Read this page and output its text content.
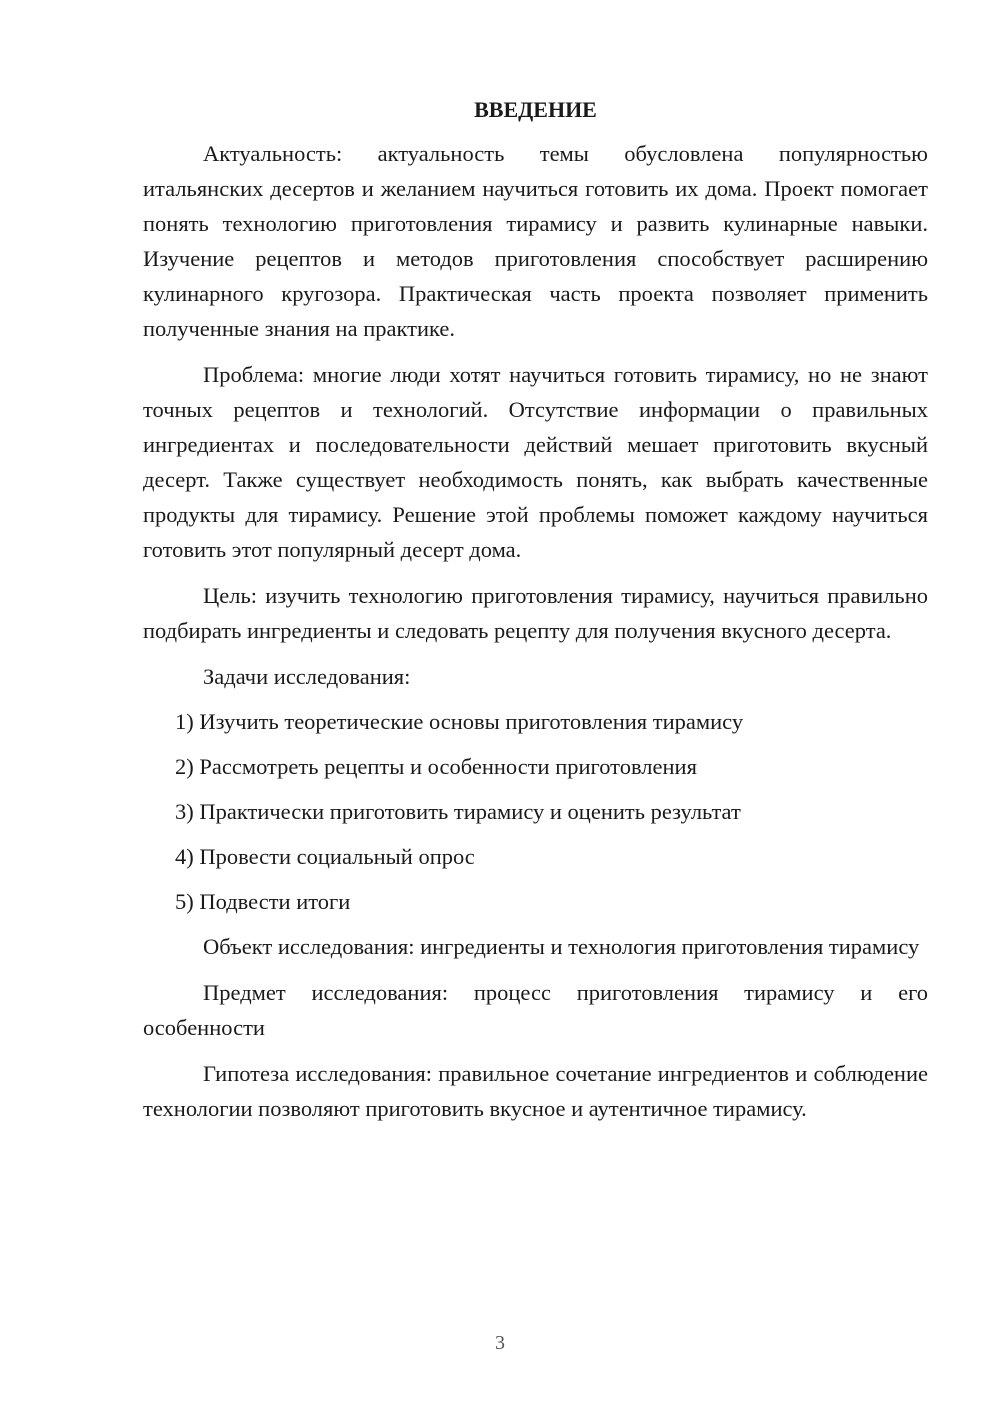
ВВЕДЕНИЕ

Актуальность: актуальность темы обусловлена популярностью итальянских десертов и желанием научиться готовить их дома. Проект помогает понять технологию приготовления тирамису и развить кулинарные навыки. Изучение рецептов и методов приготовления способствует расширению кулинарного кругозора. Практическая часть проекта позволяет применить полученные знания на практике.

Проблема: многие люди хотят научиться готовить тирамису, но не знают точных рецептов и технологий. Отсутствие информации о правильных ингредиентах и последовательности действий мешает приготовить вкусный десерт. Также существует необходимость понять, как выбрать качественные продукты для тирамису. Решение этой проблемы поможет каждому научиться готовить этот популярный десерт дома.

Цель: изучить технологию приготовления тирамису, научиться правильно подбирать ингредиенты и следовать рецепту для получения вкусного десерта.

Задачи исследования:

1) Изучить теоретические основы приготовления тирамису
2) Рассмотреть рецепты и особенности приготовления
3) Практически приготовить тирамису и оценить результат
4) Провести социальный опрос
5) Подвести итоги

Объект исследования: ингредиенты и технология приготовления тирамису

Предмет исследования: процесс приготовления тирамису и его особенности

Гипотеза исследования: правильное сочетание ингредиентов и соблюдение технологии позволяют приготовить вкусное и аутентичное тирамису.

3
